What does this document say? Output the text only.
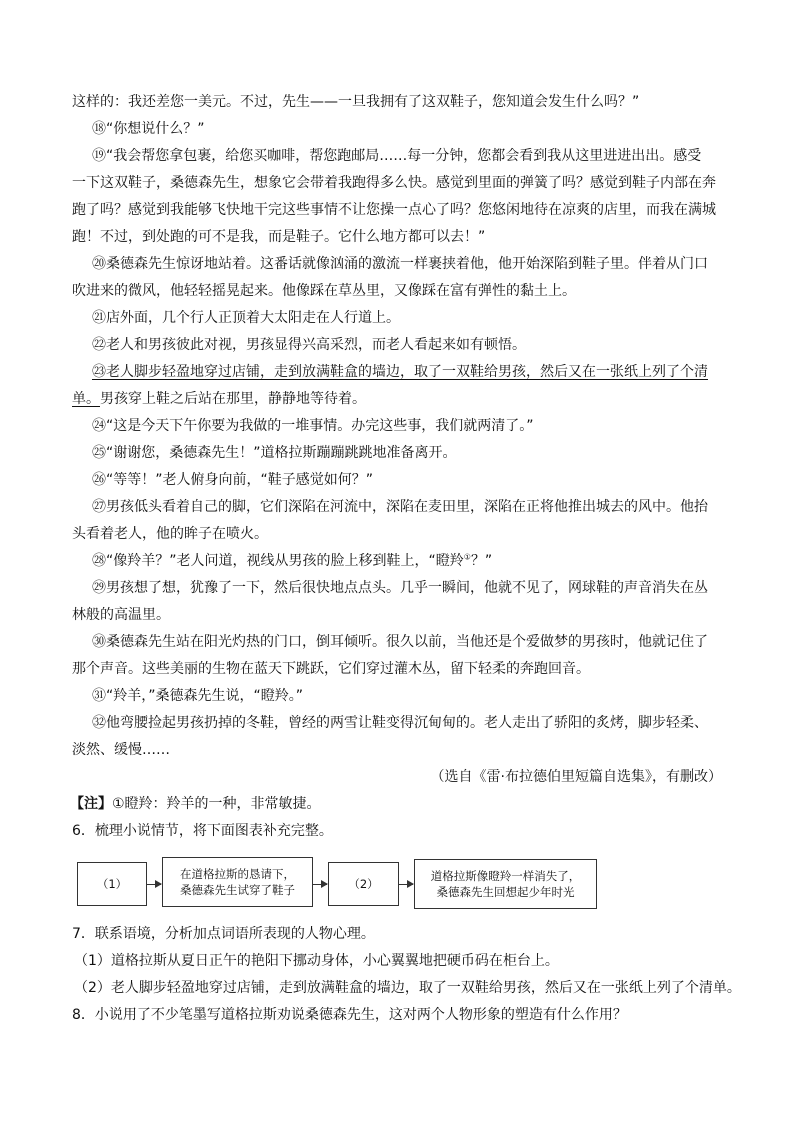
这样的：我还差您一美元。不过，先生——一旦我拥有了这双鞋子，您知道会发生什么吗？”
⑱“你想说什么？”
⑲“我会帮您拿包裹，给您买咖啡，帮您跑邮局……每一分钟，您都会看到我从这里进进出出。感受
一下这双鞋子，桑德森先生，想象它会带着我跑得多么快。感觉到里面的弹簧了吗？感觉到鞋子内部在奔
跑了吗？感觉到我能够飞快地干完这些事情不让您操一点心了吗？您悠闲地待在凉爽的店里，而我在满城
跑！不过，到处跑的可不是我，而是鞋子。它什么地方都可以去！”
⑳桑德森先生惊讶地站着。这番话就像汹涌的激流一样裹挟着他，他开始深陷到鞋子里。伴着从门口
吹进来的微风，他轻轻摇晃起来。他像踩在草丛里，又像踩在富有弹性的黏土上。
㉑店外面，几个行人正顶着大太阳走在人行道上。
㉒老人和男孩彼此对视，男孩显得兴高采烈，而老人看起来如有顿悟。
㉓老人脚步轻盈地穿过店铺，走到放满鞋盒的墙边，取了一双鞋给男孩，然后又在一张纸上列了个清
单。男孩穿上鞋之后站在那里，静静地等待着。
㉔“这是今天下午你要为我做的一堆事情。办完这些事，我们就两清了。”
㉕“谢谢您，桑德森先生！”道格拉斯蹦蹦跳跳地准备离开。
㉖“等等！”老人俯身向前，“鞋子感觉如何？”
㉗男孩低头看着自己的脚，它们深陷在河流中，深陷在麦田里，深陷在正将他推出城去的风中。他抬
头看着老人，他的眸子在喷火。
㉘“像羚羊？”老人问道，视线从男孩的脸上移到鞋上，“瞪羚①？”
㉙男孩想了想，犹豫了一下，然后很快地点点头。几乎一瞬间，他就不见了，网球鞋的声音消失在丛
林般的高温里。
㉚桑德森先生站在阳光灼热的门口，倒耳倾听。很久以前，当他还是个爱做梦的男孩时，他就记住了
那个声音。这些美丽的生物在蓝天下跳跃，它们穿过灌木丛，留下轻柔的奔跑回音。
㉛“羚羊，”桑德森先生说，“瞪羚。”
㉜他弯腰捡起男孩扔掉的冬鞋，曾经的两雪让鞋变得沉甸甸的。老人走出了骄阳的炙烤，脚步轻柔、
淡然、缓慢……
（选自《雷·布拉德伯里短篇自选集》，有删改）
【注】①瞪羚：羚羊的一种，非常敏捷。
6．梳理小说情节，将下面图表补充完整。
（1）
在道格拉斯的恳请下，
桑德森先生试穿了鞋子	（2）
道格拉斯像瞪羚一样消失了，
桑德森先生回想起少年时光
7．联系语境，分析加点词语所表现的人物心理。
（1）道格拉斯从夏日正午的艳阳下挪动身体，小心翼翼地把硬币码在柜台上。
（2）老人脚步轻盈地穿过店铺，走到放满鞋盒的墙边，取了一双鞋给男孩，然后又在一张纸上列了个清单。
8．小说用了不少笔墨写道格拉斯劝说桑德森先生，这对两个人物形象的塑造有什么作用？
